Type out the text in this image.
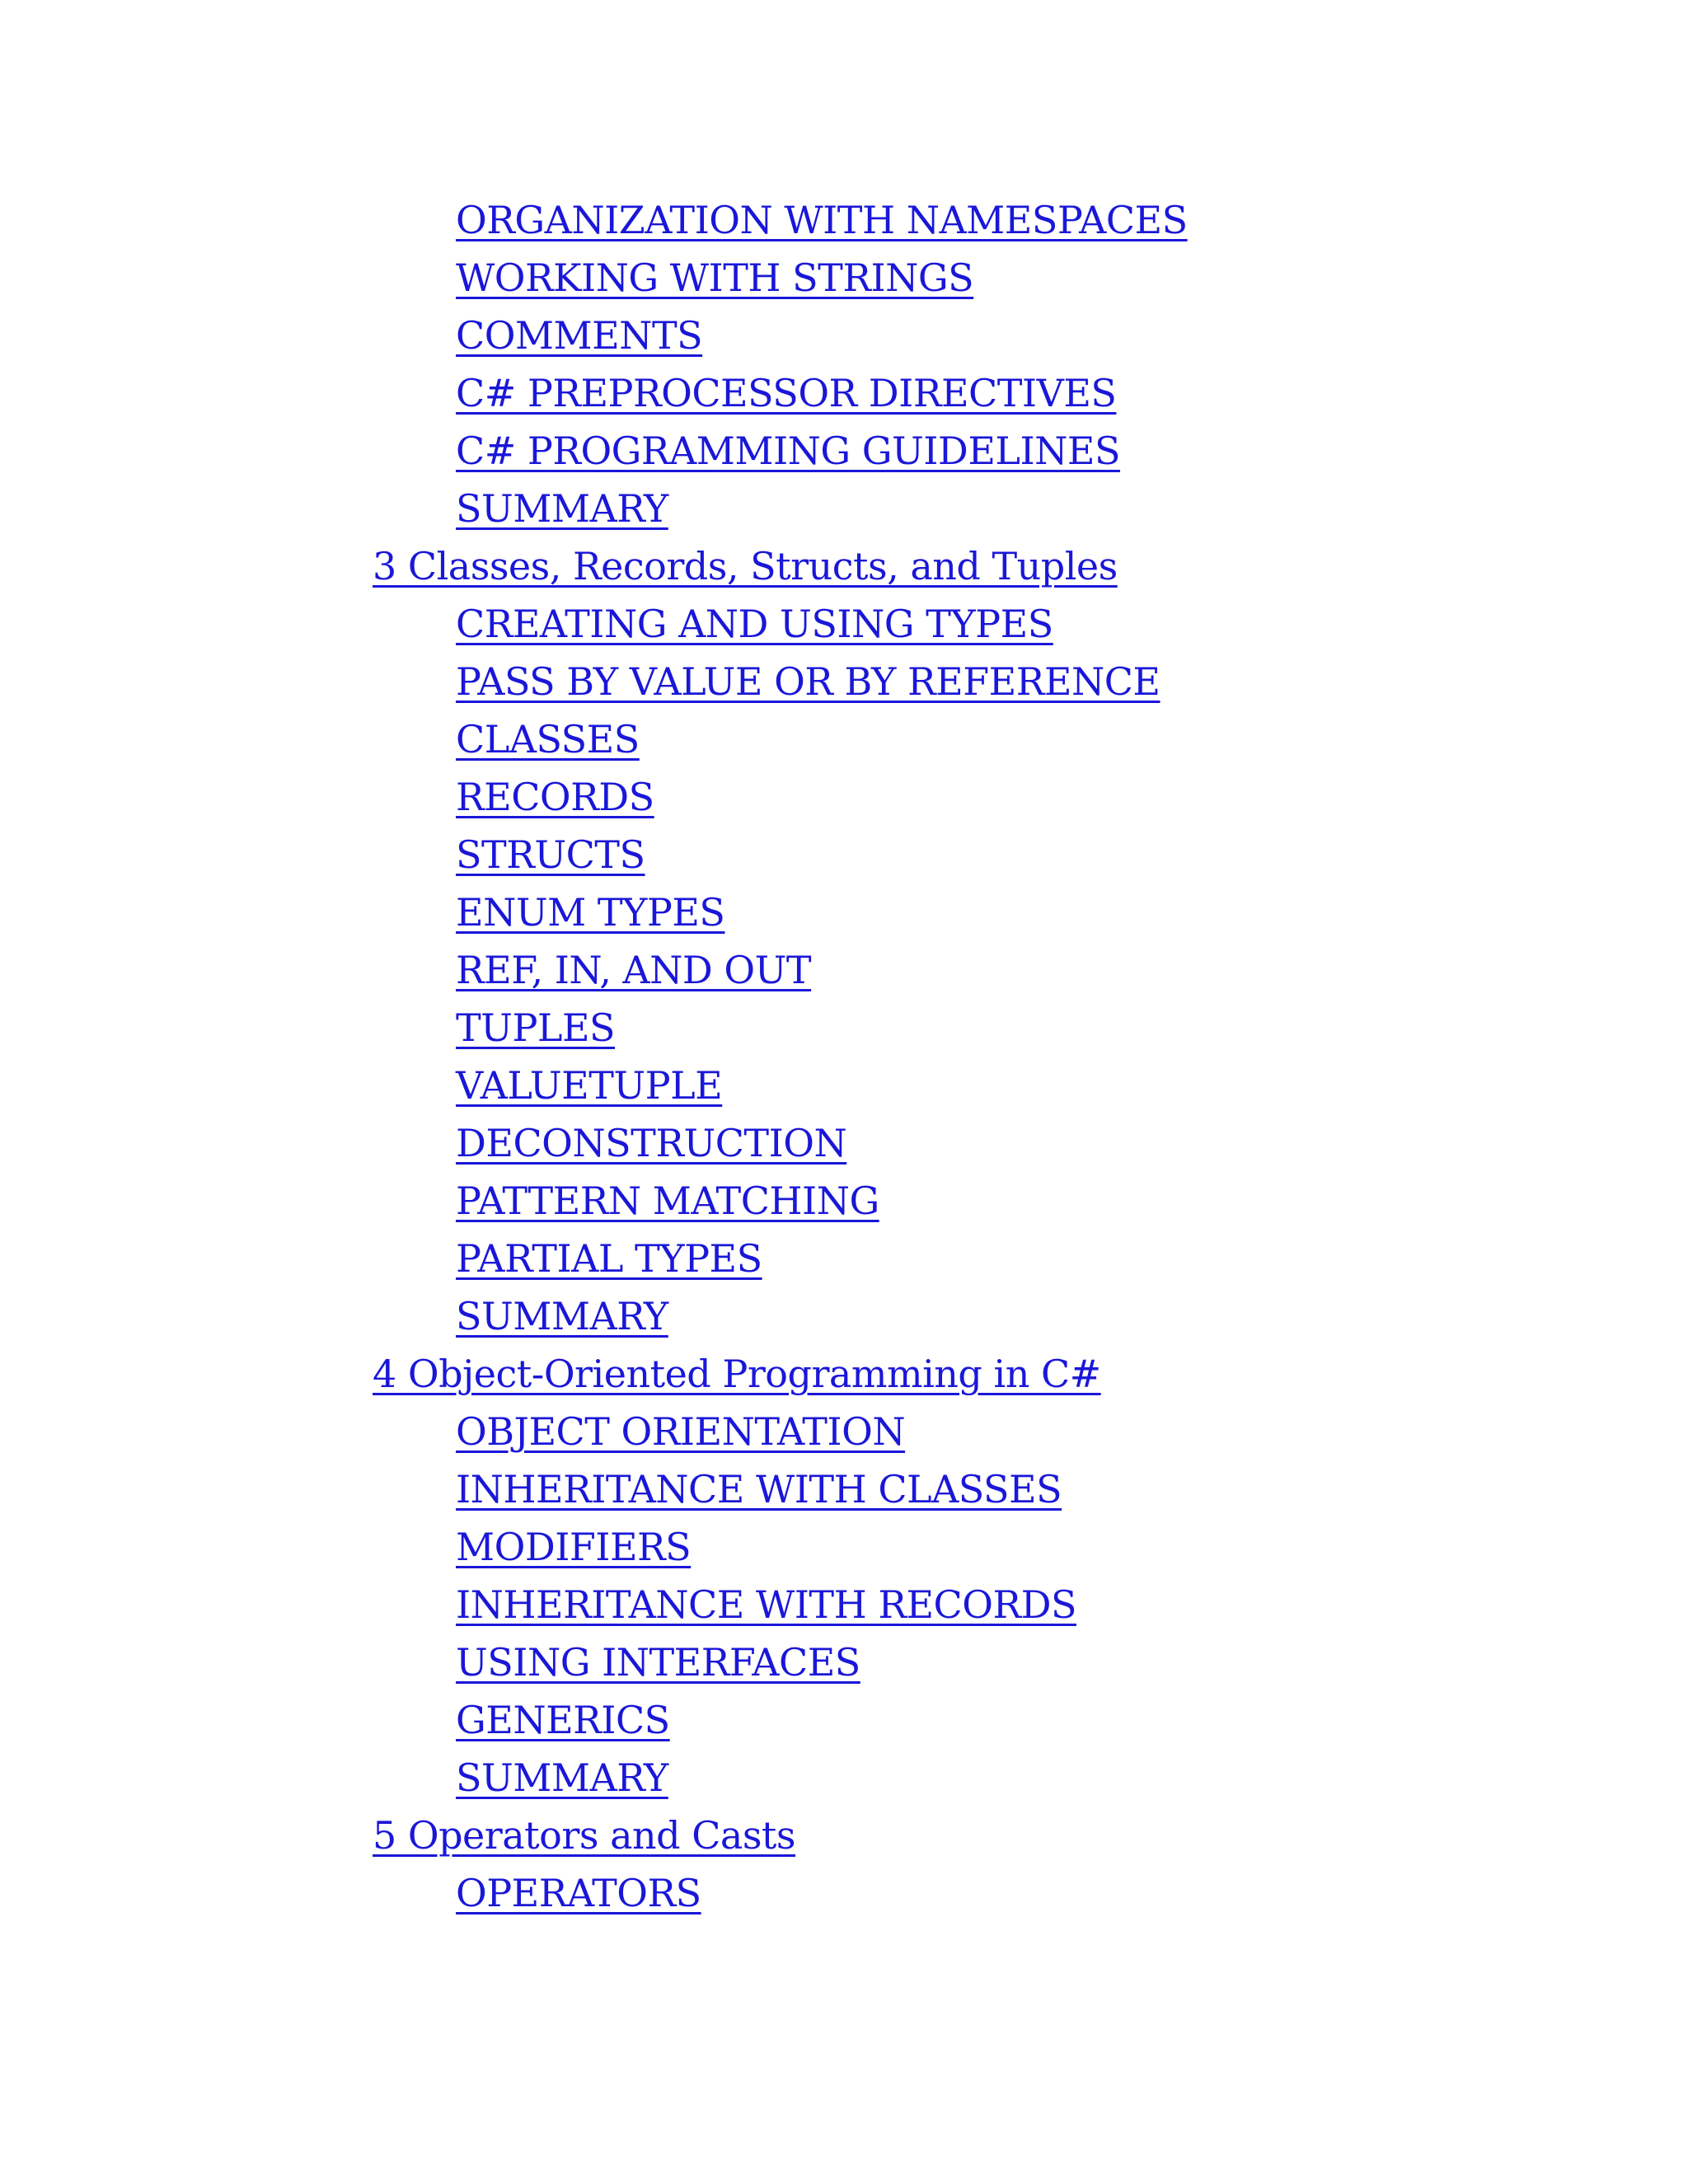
ORGANIZATION WITH NAMESPACES
WORKING WITH STRINGS
COMMENTS
C# PREPROCESSOR DIRECTIVES
C# PROGRAMMING GUIDELINES
SUMMARY
3 Classes, Records, Structs, and Tuples
CREATING AND USING TYPES
PASS BY VALUE OR BY REFERENCE
CLASSES
RECORDS
STRUCTS
ENUM TYPES
REF, IN, AND OUT
TUPLES
VALUETUPLE
DECONSTRUCTION
PATTERN MATCHING
PARTIAL TYPES
SUMMARY
4 Object-Oriented Programming in C#
OBJECT ORIENTATION
INHERITANCE WITH CLASSES
MODIFIERS
INHERITANCE WITH RECORDS
USING INTERFACES
GENERICS
SUMMARY
5 Operators and Casts
OPERATORS
